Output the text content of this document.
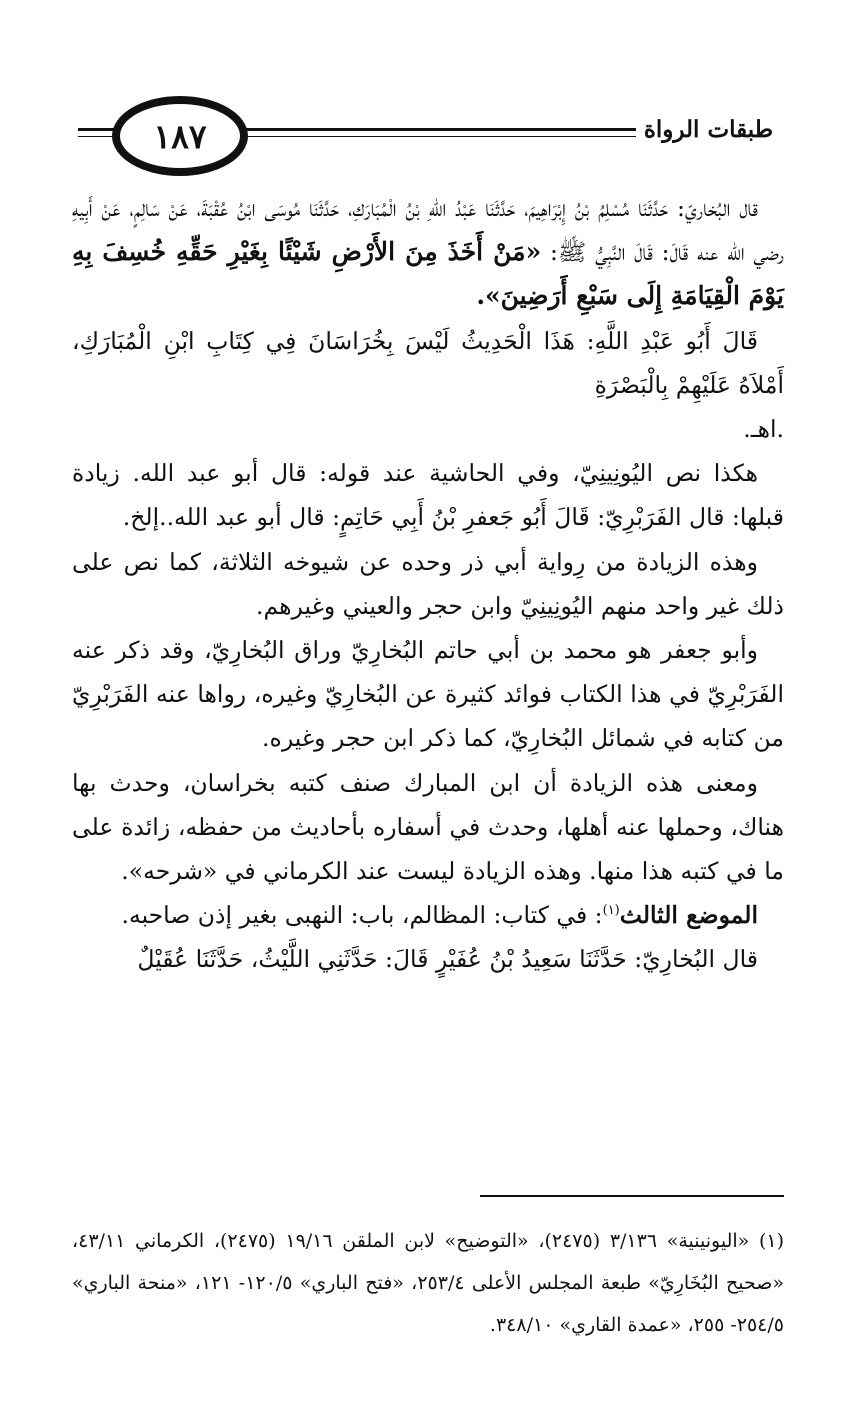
١٨٧	طبقات الرواة

قال البُخاريّ: حَدَّثَنَا مُسْلِمُ بْنُ إِبْرَاهِيمَ، حَدَّثَنَا عَبْدُ اللهِ بْنُ الْمُبَارَكِ، حَدَّثَنَا مُوسَى ابْنُ عُقْبَةَ، عَنْ سَالِمٍ، عَنْ أَبِيهِ رضي الله عنه قَالَ: قَالَ النَّبِيُّ ﷺ: «مَنْ أَخَذَ مِنَ الأَرْضِ شَيْئًا بِغَيْرِ حَقِّهِ خُسِفَ بِهِ يَوْمَ الْقِيَامَةِ إِلَى سَبْعِ أَرَضِينَ».

قَالَ أَبُو عَبْدِ اللَّهِ: هَذَا الْحَدِيثُ لَيْسَ بِخُرَاسَانَ فِي كِتَابِ ابْنِ الْمُبَارَكِ، أَمْلاَهُ عَلَيْهِمْ بِالْبَصْرَةِ

.اهـ.

هكذا نص اليُونِينِيّ، وفي الحاشية عند قوله: قال أبو عبد الله. زيادة قبلها: قال الفَرَبْرِيّ: قَالَ أَبُو جَعفرِ بْنُ أَبِي حَاتِمٍ: قال أبو عبد الله..إلخ.

وهذه الزيادة من رِواية أبي ذر وحده عن شيوخه الثلاثة، كما نص على ذلك غير واحد منهم اليُونِينِيّ وابن حجر والعيني وغيرهم.

وأبو جعفر هو محمد بن أبي حاتم البُخارِيّ وراق البُخارِيّ، وقد ذكر عنه الفَرَبْرِيّ في هذا الكتاب فوائد كثيرة عن البُخارِيّ وغيره، رواها عنه الفَرَبْرِيّ من كتابه في شمائل البُخارِيّ، كما ذكر ابن حجر وغيره.

ومعنى هذه الزيادة أن ابن المبارك صنف كتبه بخراسان، وحدث بها هناك، وحملها عنه أهلها، وحدث في أسفاره بأحاديث من حفظه، زائدة على ما في كتبه هذا منها. وهذه الزيادة ليست عند الكرماني في «شرحه».

الموضع الثالث$^{(١)}$: في كتاب: المظالم، باب: النهبى بغير إذن صاحبه.

قال البُخارِيّ: حَدَّثَنَا سَعِيدُ بْنُ عُفَيْرٍ قَالَ: حَدَّثَنِي اللَّيْثُ، حَدَّثَنَا عُقَيْلٌ

(١) «اليونينية» ٣/١٣٦ (٢٤٧٥)، «التوضيح» لابن الملقن ١٩/١٦ (٢٤٧٥)، الكرماني ٤٣/١١، «صحيح البُخَارِيّ» طبعة المجلس الأعلى ٢٥٣/٤، «فتح الباري» ١٢٠/٥- ١٢١، «منحة الباري» ٢٥٤/٥- ٢٥٥، «عمدة القاري» ٣٤٨/١٠.
